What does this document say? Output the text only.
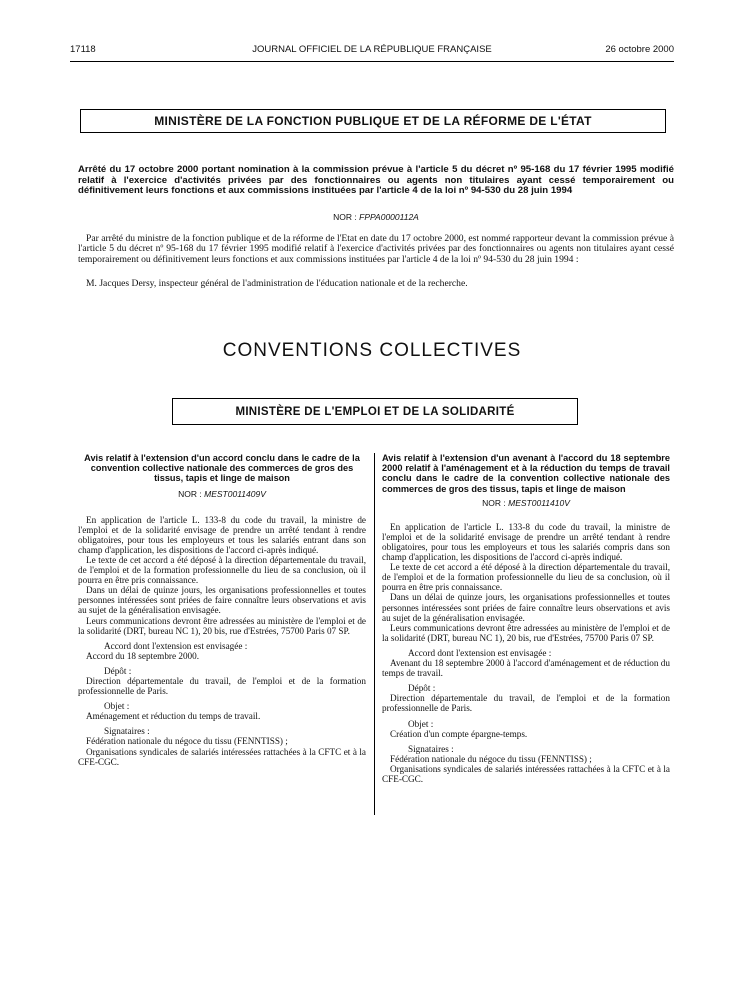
17118	JOURNAL OFFICIEL DE LA RÉPUBLIQUE FRANÇAISE	26 octobre 2000
MINISTÈRE DE LA FONCTION PUBLIQUE ET DE LA RÉFORME DE L'ÉTAT
Arrêté du 17 octobre 2000 portant nomination à la commission prévue à l'article 5 du décret nº 95-168 du 17 février 1995 modifié relatif à l'exercice d'activités privées par des fonctionnaires ou agents non titulaires ayant cessé temporairement ou définitivement leurs fonctions et aux commissions instituées par l'article 4 de la loi nº 94-530 du 28 juin 1994
NOR : FPPA0000112A
Par arrêté du ministre de la fonction publique et de la réforme de l'Etat en date du 17 octobre 2000, est nommé rapporteur devant la commission prévue à l'article 5 du décret nº 95-168 du 17 février 1995 modifié relatif à l'exercice d'activités privées par des fonctionnaires ou agents non titulaires ayant cessé temporairement ou définitivement leurs fonctions et aux commissions instituées par l'article 4 de la loi nº 94-530 du 28 juin 1994 :
M. Jacques Dersy, inspecteur général de l'administration de l'éducation nationale et de la recherche.
CONVENTIONS COLLECTIVES
MINISTÈRE DE L'EMPLOI ET DE LA SOLIDARITÉ
Avis relatif à l'extension d'un accord conclu dans le cadre de la convention collective nationale des commerces de gros des tissus, tapis et linge de maison
NOR : MEST0011409V

En application de l'article L. 133-8 du code du travail, la ministre de l'emploi et de la solidarité envisage de prendre un arrêté tendant à rendre obligatoires, pour tous les employeurs et tous les salariés entrant dans son champ d'application, les dispositions de l'accord ci-après indiqué.

Le texte de cet accord a été déposé à la direction départementale du travail, de l'emploi et de la formation professionnelle du lieu de sa conclusion, où il pourra en être pris connaissance.

Dans un délai de quinze jours, les organisations professionnelles et toutes personnes intéressées sont priées de faire connaître leurs observations et avis au sujet de la généralisation envisagée.

Leurs communications devront être adressées au ministère de l'emploi et de la solidarité (DRT, bureau NC 1), 20 bis, rue d'Estrées, 75700 Paris 07 SP.

Accord dont l'extension est envisagée :

Accord du 18 septembre 2000.

Dépôt :

Direction départementale du travail, de l'emploi et de la formation professionnelle de Paris.

Objet :

Aménagement et réduction du temps de travail.

Signataires :

Fédération nationale du négoce du tissu (FENNTISS) ;

Organisations syndicales de salariés intéressées rattachées à la CFTC et à la CFE-CGC.

Avis relatif à l'extension d'un avenant à l'accord du 18 septembre 2000 relatif à l'aménagement et à la réduction du temps de travail conclu dans le cadre de la convention collective nationale des commerces de gros des tissus, tapis et linge de maison
NOR : MEST0011410V

En application de l'article L. 133-8 du code du travail, la ministre de l'emploi et de la solidarité envisage de prendre un arrêté tendant à rendre obligatoires, pour tous les employeurs et tous les salariés compris dans son champ d'application, les dispositions de l'accord ci-après indiqué.

Le texte de cet accord a été déposé à la direction départementale du travail, de l'emploi et de la formation professionnelle du lieu de sa conclusion, où il pourra en être pris connaissance.

Dans un délai de quinze jours, les organisations professionnelles et toutes personnes intéressées sont priées de faire connaître leurs observations et avis au sujet de la généralisation envisagée.

Leurs communications devront être adressées au ministère de l'emploi et de la solidarité (DRT, bureau NC 1), 20 bis, rue d'Estrées, 75700 Paris 07 SP.

Accord dont l'extension est envisagée :

Avenant du 18 septembre 2000 à l'accord d'aménagement et de réduction du temps de travail.

Dépôt :

Direction départementale du travail, de l'emploi et de la formation professionnelle de Paris.

Objet :

Création d'un compte épargne-temps.

Signataires :

Fédération nationale du négoce du tissu (FENNTISS) ;

Organisations syndicales de salariés intéressées rattachées à la CFTC et à la CFE-CGC.
